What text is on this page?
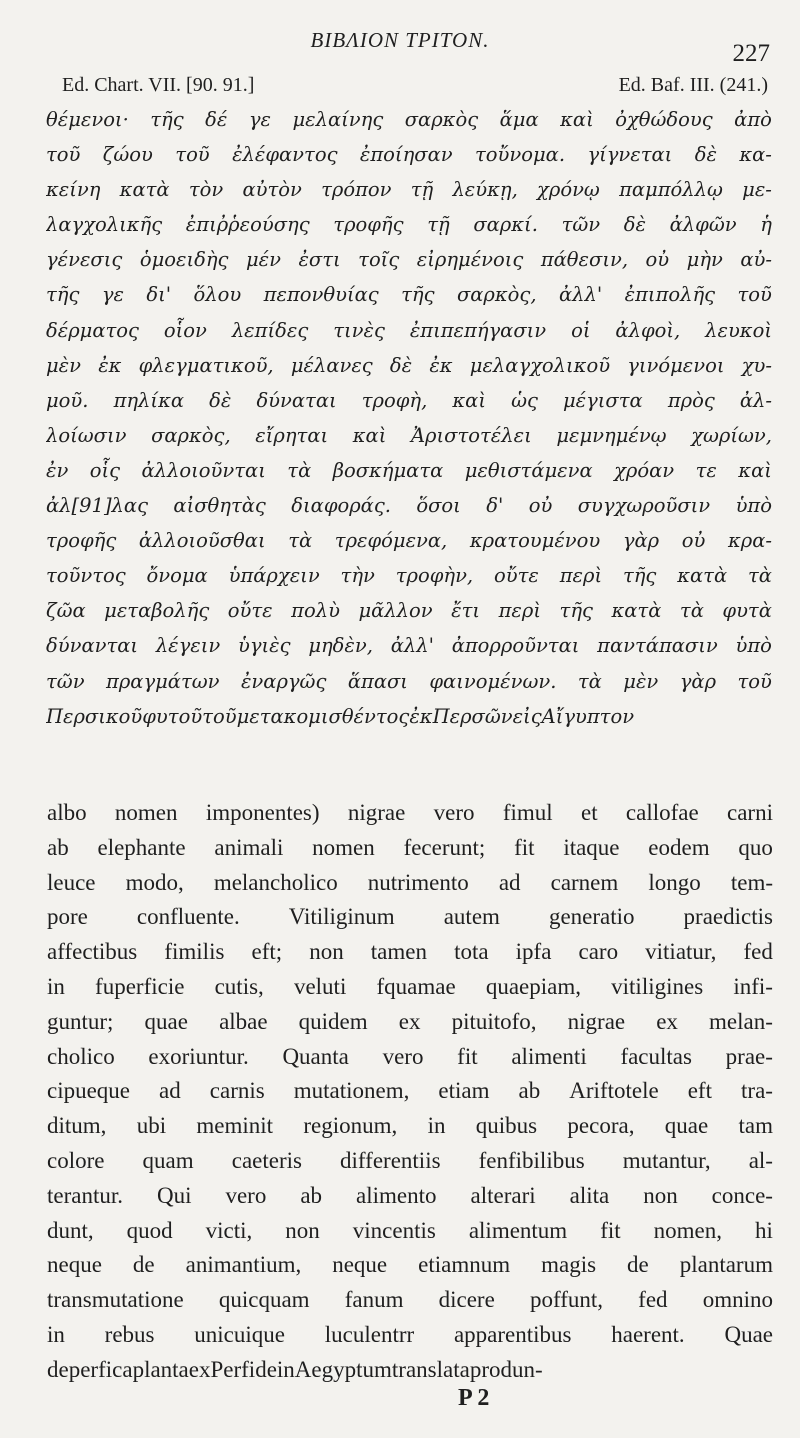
BIBΛΙΟΝ ΤΡΙΤΟΝ.	227
Ed. Chart. VII. [90. 91.]	Ed. Baf. III. (241.)
θέμενοι· τῆς δέ γε μελαίνης σαρκὸς ἅμα καὶ ὀχθώδους ἀπὸ
τοῦ ζώου τοῦ ἐλέφαντος ἐποίησαν τοὔνομα. γίγνεται δὲ κα-
κείνη κατὰ τὸν αὐτὸν τρόπον τῇ λεύκῃ, χρόνῳ παμπόλλῳ με-
λαγχολικῆς ἐπιῤῥεούσης τροφῆς τῇ σαρκί. τῶν δὲ ἀλφῶν ἡ
γένεσις ὁμοειδὴς μέν ἐστι τοῖς εἰρημένοις πάθεσιν, οὐ μὴν αὐ-
τῆς γε δι' ὅλου πεπονθυίας τῆς σαρκὸς, ἀλλ' ἐπιπολῆς τοῦ
δέρματος οἷον λεπίδες τινὲς ἐπιπεπήγασιν οἱ ἀλφοὶ, λευκοὶ
μὲν ἐκ φλεγματικοῦ, μέλανες δὲ ἐκ μελαγχολικοῦ γινόμενοι χυ-
μοῦ. πηλίκα δὲ δύναται τροφὴ, καὶ ὡς μέγιστα πρὸς ἀλ-
λοίωσιν σαρκὸς, εἴρηται καὶ Ἀριστοτέλει μεμνημένῳ χωρίων,
ἐν οἷς ἀλλοιοῦνται τὰ βοσκήματα μεθιστάμενα χρόαν τε καὶ
ἀλ[91]λας αἰσθητὰς διαφοράς. ὅσοι δ' οὐ συγχωροῦσιν ὑπὸ
τροφῆς ἀλλοιοῦσθαι τὰ τρεφόμενα, κρατουμένου γὰρ οὐ κρα-
τοῦντος ὄνομα ὑπάρχειν τὴν τροφὴν, οὔτε περὶ τῆς κατὰ τὰ
ζῶα μεταβολῆς οὔτε πολὺ μᾶλλον ἔτι περὶ τῆς κατὰ τὰ φυτὰ
δύνανται λέγειν ὑγιὲς μηδὲν, ἀλλ' ἀπορροῦνται παντάπασιν ὑπὸ
τῶν πραγμάτων ἐναργῶς ἅπασι φαινομένων. τὰ μὲν γὰρ τοῦ
Περσικοῦ φυτοῦ τοῦ μετακομισθέντος ἐκ Περσῶν εἰς Αἴγυπτον
albo nomen imponentes) nigrae vero fimul et callofae carni
ab elephante animali nomen fecerunt; fit itaque eodem quo
leuce modo, melancholico nutrimento ad carnem longo tem-
pore confluente. Vitiliginum autem generatio praedictis
affectibus fimilis eft; non tamen tota ipfa caro vitiatur, fed
in fuperficie cutis, veluti fquamae quaepiam, vitiligines infi-
guntur; quae albae quidem ex pituitofo, nigrae ex melan-
cholico exoriuntur. Quanta vero fit alimenti facultas prae-
cipueque ad carnis mutationem, etiam ab Ariftotele eft tra-
ditum, ubi meminit regionum, in quibus pecora, quae tam
colore quam caeteris differentiis fenfibilibus mutantur, al-
terantur. Qui vero ab alimento alterari alita non conce-
dunt, quod victi, non vincentis alimentum fit nomen, hi
neque de animantium, neque etiamnum magis de plantarum
transmutatione quicquam fanum dicere poffunt, fed omnino
in rebus unicuique luculentrr apparentibus haerent. Quae
de perfica planta ex Perfide in Aegyptum translata produn-
P 2
